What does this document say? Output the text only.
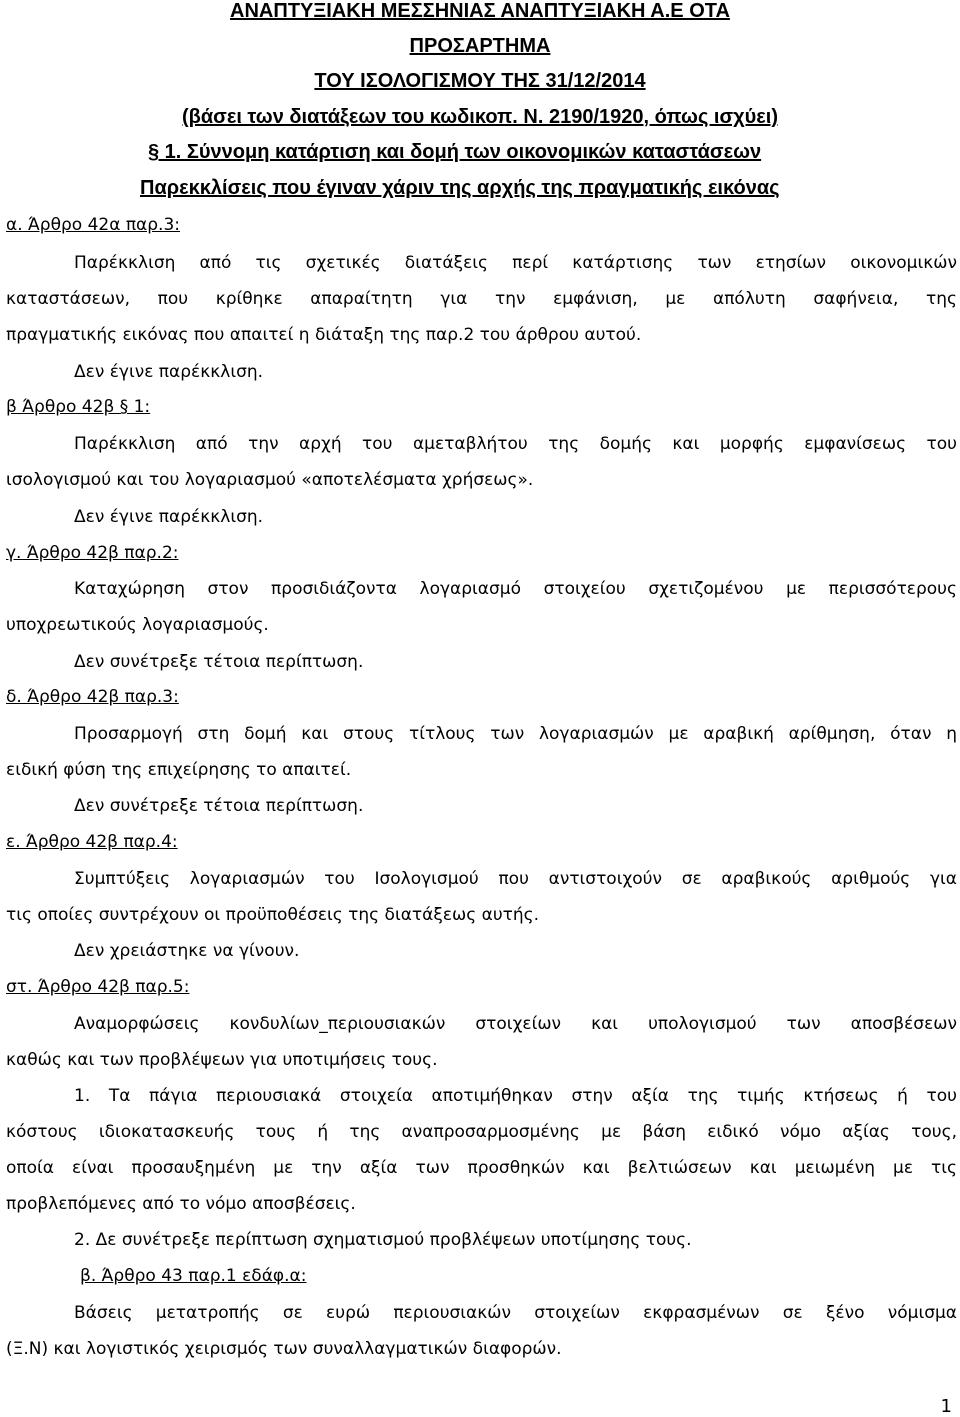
ΑΝΑΠΤΥΞΙΑΚΗ ΜΕΣΣΗΝΙΑΣ ΑΝΑΠΤΥΞΙΑΚΗ Α.Ε ΟΤΑ
ΠΡΟΣΑΡΤΗΜΑ
ΤΟΥ ΙΣΟΛΟΓΙΣΜΟΥ ΤΗΣ 31/12/2014
(βάσει των διατάξεων του κωδικοπ. Ν. 2190/1920, όπως ισχύει)
§ 1. Σύννομη κατάρτιση και δομή των οικονομικών καταστάσεων
Παρεκκλίσεις που έγιναν χάριν της αρχής της πραγματικής εικόνας
α. Άρθρο 42α παρ.3:
Παρέκκλιση από τις σχετικές διατάξεις περί κατάρτισης των ετησίων οικονομικών
καταστάσεων, που κρίθηκε απαραίτητη για την εμφάνιση, με απόλυτη σαφήνεια, της
πραγματικής εικόνας που απαιτεί η διάταξη της παρ.2 του άρθρου αυτού.
Δεν έγινε παρέκκλιση.
β Άρθρο 42β § 1:
Παρέκκλιση από την αρχή του αμεταβλήτου της δομής και μορφής εμφανίσεως του
ισολογισμού και του λογαριασμού «αποτελέσματα χρήσεως».
Δεν έγινε παρέκκλιση.
γ. Άρθρο 42β παρ.2:
Καταχώρηση στον προσιδιάζοντα λογαριασμό στοιχείου σχετιζομένου με περισσότερους
υποχρεωτικούς λογαριασμούς.
Δεν συνέτρεξε τέτοια περίπτωση.
δ. Άρθρο 42β παρ.3:
Προσαρμογή στη δομή και στους τίτλους των λογαριασμών με αραβική αρίθμηση, όταν η
ειδική φύση της επιχείρησης το απαιτεί.
Δεν συνέτρεξε τέτοια περίπτωση.
ε. Άρθρο 42β παρ.4:
Συμπτύξεις λογαριασμών του Ισολογισμού που αντιστοιχούν σε αραβικούς αριθμούς για
τις οποίες συντρέχουν οι προϋποθέσεις της διατάξεως αυτής.
Δεν χρειάστηκε να γίνουν.
στ. Άρθρο 42β παρ.5:
Αναμορφώσεις κονδυλίων_περιουσιακών στοιχείων και υπολογισμού των αποσβέσεων
καθώς και των προβλέψεων για υποτιμήσεις τους.
1. Τα πάγια περιουσιακά στοιχεία αποτιμήθηκαν στην αξία της τιμής κτήσεως ή του
κόστους ιδιοκατασκευής τους ή της αναπροσαρμοσμένης με βάση ειδικό νόμο αξίας τους,
οποία είναι προσαυξημένη με την αξία των προσθηκών και βελτιώσεων και μειωμένη με τις
προβλεπόμενες από το νόμο αποσβέσεις.
2. Δε συνέτρεξε περίπτωση σχηματισμού προβλέψεων υποτίμησης τους.
β. Άρθρο 43 παρ.1 εδάφ.α:
Βάσεις μετατροπής σε ευρώ περιουσιακών στοιχείων εκφρασμένων σε ξένο νόμισμα
(Ξ.Ν) και λογιστικός χειρισμός των συναλλαγματικών διαφορών.
1
